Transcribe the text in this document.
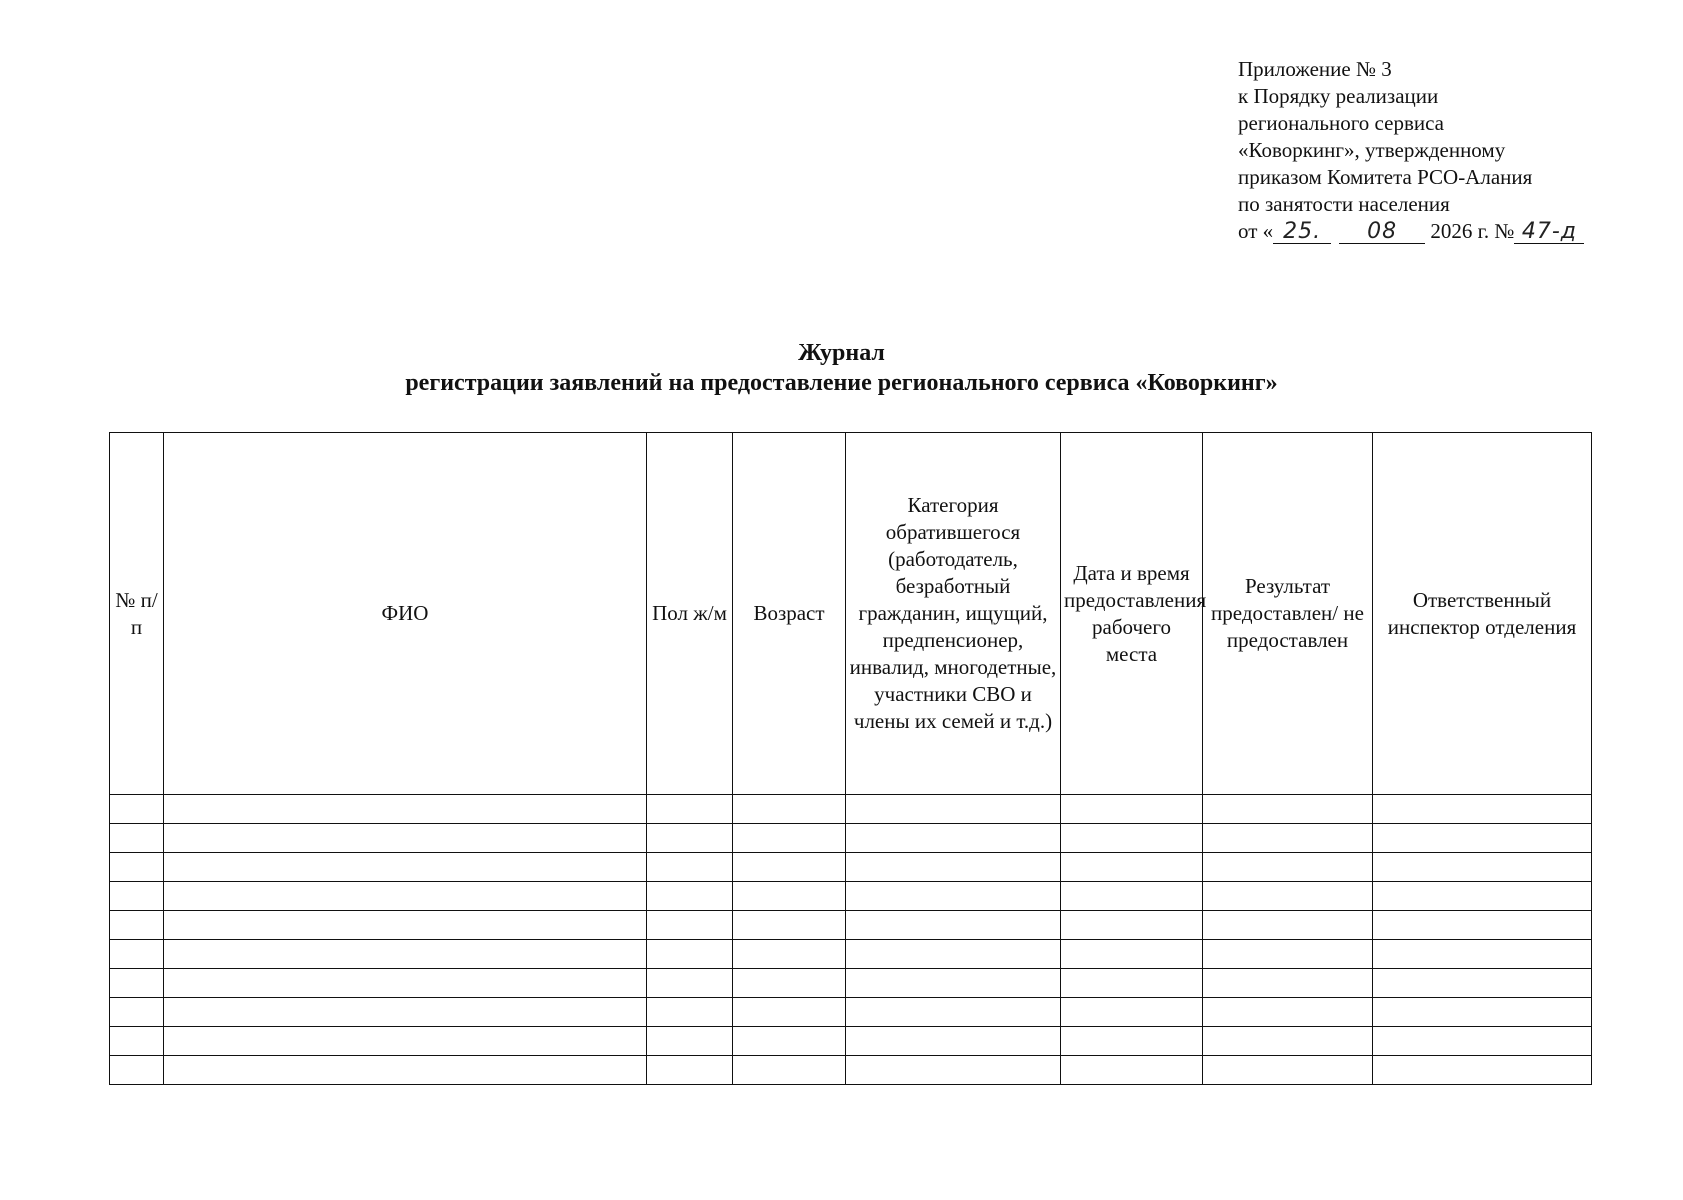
Приложение № 3
к Порядку реализации
регионального сервиса
«Коворкинг», утвержденному
приказом Комитета РСО-Алания
по занятости населения
от « 25. 08 2026 г. № 47-д
Журнал
регистрации заявлений на предоставление регионального сервиса «Коворкинг»
№ п/п	ФИО	Пол ж/м	Возраст	Категория обратившегося (работодатель, безработный гражданин, ищущий, предпенсионер, инвалид, многодетные, участники СВО и члены их семей и т.д.)	Дата и время предоставления рабочего места	Результат предоставлен/ не предоставлен	Ответственный инспектор отделения
